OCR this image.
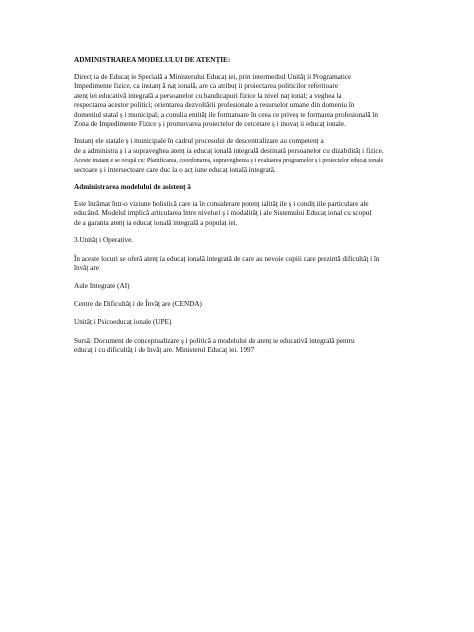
ADMINISTRAREA MODELULUI DE ATENȚIE:

Direcț ia de Educaț ie Specială a Ministerului Educaț iei, prin intermediul Unităț ii Programatice
Impedimente fizice, ca instanț ă naț ională, are ca atribuț ii proiectarea politicilor referitoare
atenț iei educativă integrală a persoanelor cu handicapuri fizice la nivel naț ional; a veghea la
respectarea acestor politici; orientarea dezvoltării profesionale a resurselor umane din domeniu în
domeniul statal ș i municipal; a conulia entităț ile formatoare în ceea ce priveș te formarea profesională în
Zona de Impedimente Fizice ș i promovarea proiectelor de cercetare ș i inovaț ii educaț ionale.

Instanț ele statale ș i municipale în cadrul procesului de descentralizare au competenț a
de a administra ș i a supraveghea atenț ia educaț ională integrală destinată persoanelor cu dizabilităț i fizice.
Aceste instanț e se ocupă cu: Planificarea, coordonarea, supravegherea ș i evaluarea programelor ș i proiectelor educaț ionale
sectoare ș i intersectoare care duc la o acț iune educaț ională integrată.

Administrarea modelului de asistenț ă

Este înrămat într-o viziune holistică care ia în considerare potenț ialităț ile ș i condiț iile particulare ale
educând. Modelul implică articularea între niveluri ș i modalităț i ale Sistemului Educaț ional cu scopul
de a garanta atenț ia educaț ională integrală a populaț iei.

3.Unităț i Operative.

În aceste locuri se oferă atenț ia educaț ională integrată de care au nevoie copiii care prezintă dificultăț i în
învăț are

Aule Integrate (AI)

Centre de Dificultăț i de Învăț are (CENDA)

Unităț i Psicoeducaț ionale (UPE)

Sursă: Document de conceptualizare ș i politică a modelului de atenț ie educativă integrală pentru
educaț i cu dificultăț i de învăț are. Ministerul Educaț iei. 1997
